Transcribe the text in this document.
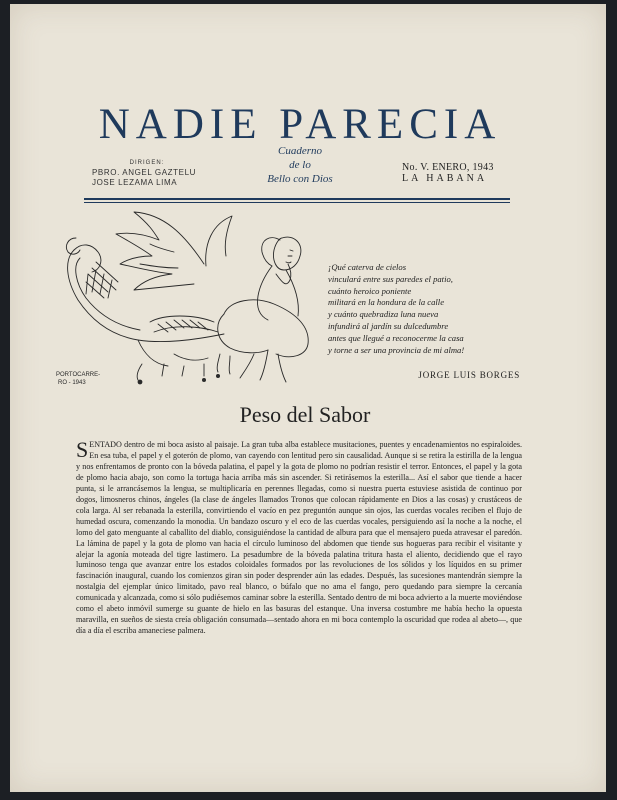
NADIE PARECIA
DIRIGEN:
PBRO. ANGEL GAZTELU
JOSE LEZAMA LIMA
Cuaderno
de lo
Bello con Dios
No. V. ENERO, 1943
LA HABANA
PORTOCARRE-
RO - 1943
¡Qué caterva de cielos
vinculará entre sus paredes el patio,
cuánto heroico poniente
militará en la hondura de la calle
y cuánto quebradiza luna nueva
infundirá al jardín su dulcedumbre
antes que llegué a reconocerme la casa
y torne a ser una provincia de mi alma!
JORGE LUIS BORGES
Peso del Sabor

SENTADO dentro de mi boca asisto al paisaje. La gran tuba alba establece musitaciones, puentes y encadenamientos no espiraloides. En esa tuba, el papel y el goterón de plomo, van cayendo con lentitud pero sin causalidad. Aunque si se retira la estirilla de la lengua y nos enfrentamos de pronto con la bóveda palatina, el papel y la gota de plomo no podrían resistir el terror. Entonces, el papel y la gota de plomo hacia abajo, son como la tortuga hacia arriba más sin ascender. Si retirásemos la esterilla... Así el sabor que tiende a hacer punta, si le arrancásemos la lengua, se multiplicaría en perennes llegadas, como si nuestra puerta estuviese asistida de continuo por dogos, limosneros chinos, ángeles (la clase de ángeles llamados Tronos que colocan rápidamente en Dios a las cosas) y crustáceos de cola larga. Al ser rebanada la esterilla, convirtiendo el vacío en pez preguntón aunque sin ojos, las cuerdas vocales reciben el flujo de humedad oscura, comenzando la monodia. Un bandazo oscuro y el eco de las cuerdas vocales, persiguiendo así la noche a la noche, el lomo del gato menguante al caballito del diablo, consiguiéndose la cantidad de albura para que el mensajero pueda atravesar el paredón. La lámina de papel y la gota de plomo van hacia el círculo luminoso del abdomen que tiende sus hogueras para recibir el visitante y alejar la agonía moteada del tigre lastimero. La pesadumbre de la bóveda palatina tritura hasta el aliento, decidiendo que el rayo luminoso tenga que avanzar entre los estados coloidales formados por las revoluciones de los sólidos y los líquidos en su primer fascinación inaugural, cuando los comienzos giran sin poder desprender aún las edades. Después, las sucesiones mantendrán siempre la nostalgia del ejemplar único limitado, pavo real blanco, o búfalo que no ama el fango, pero quedando para siempre la cercanía comunicada y alcanzada, como si sólo pudiésemos caminar sobre la esterilla. Sentado dentro de mi boca advierto a la muerte moviéndose como el abeto inmóvil sumerge su guante de hielo en las basuras del estanque. Una inversa costumbre me había hecho la opuesta maravilla, en sueños de siesta creía obligación consumada—sentado ahora en mi boca contemplo la oscuridad que rodea al abeto—, que día a día el escriba amaneciese palmera.
